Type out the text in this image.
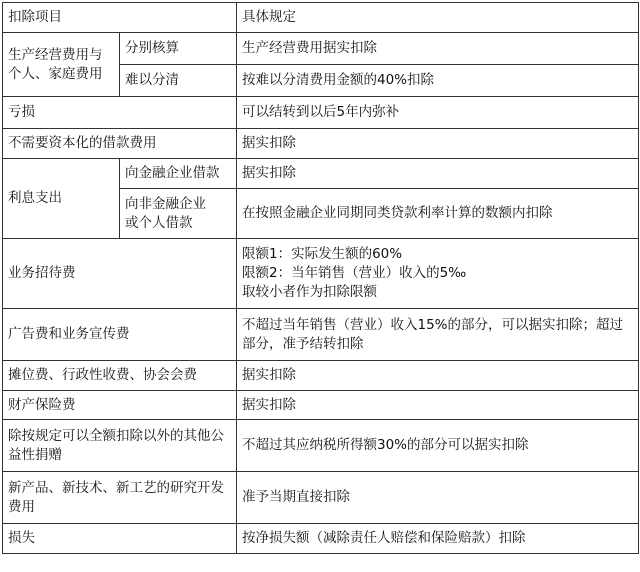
扣除项目		具体规定
生产经营费用与
个人、家庭费用	分别核算	生产经营费用据实扣除
	难以分清	按难以分清费用金额的40%扣除
亏损		可以结转到以后5年内弥补
不需要资本化的借款费用		据实扣除
利息支出	向金融企业借款	据实扣除
	向非金融企业
或个人借款	在按照金融企业同期同类贷款利率计算的数额内扣除
业务招待费		限额1：实际发生额的60%
限额2：当年销售（营业）收入的5‰
取较小者作为扣除限额
广告费和业务宣传费		不超过当年销售（营业）收入15%的部分，可以据实扣除；超过部分，准予结转扣除
摊位费、行政性收费、协会会费		据实扣除
财产保险费		据实扣除
除按规定可以全额扣除以外的其他公益性捐赠		不超过其应纳税所得额30%的部分可以据实扣除
新产品、新技术、新工艺的研究开发费用		准予当期直接扣除
损失		按净损失额（减除责任人赔偿和保险赔款）扣除
